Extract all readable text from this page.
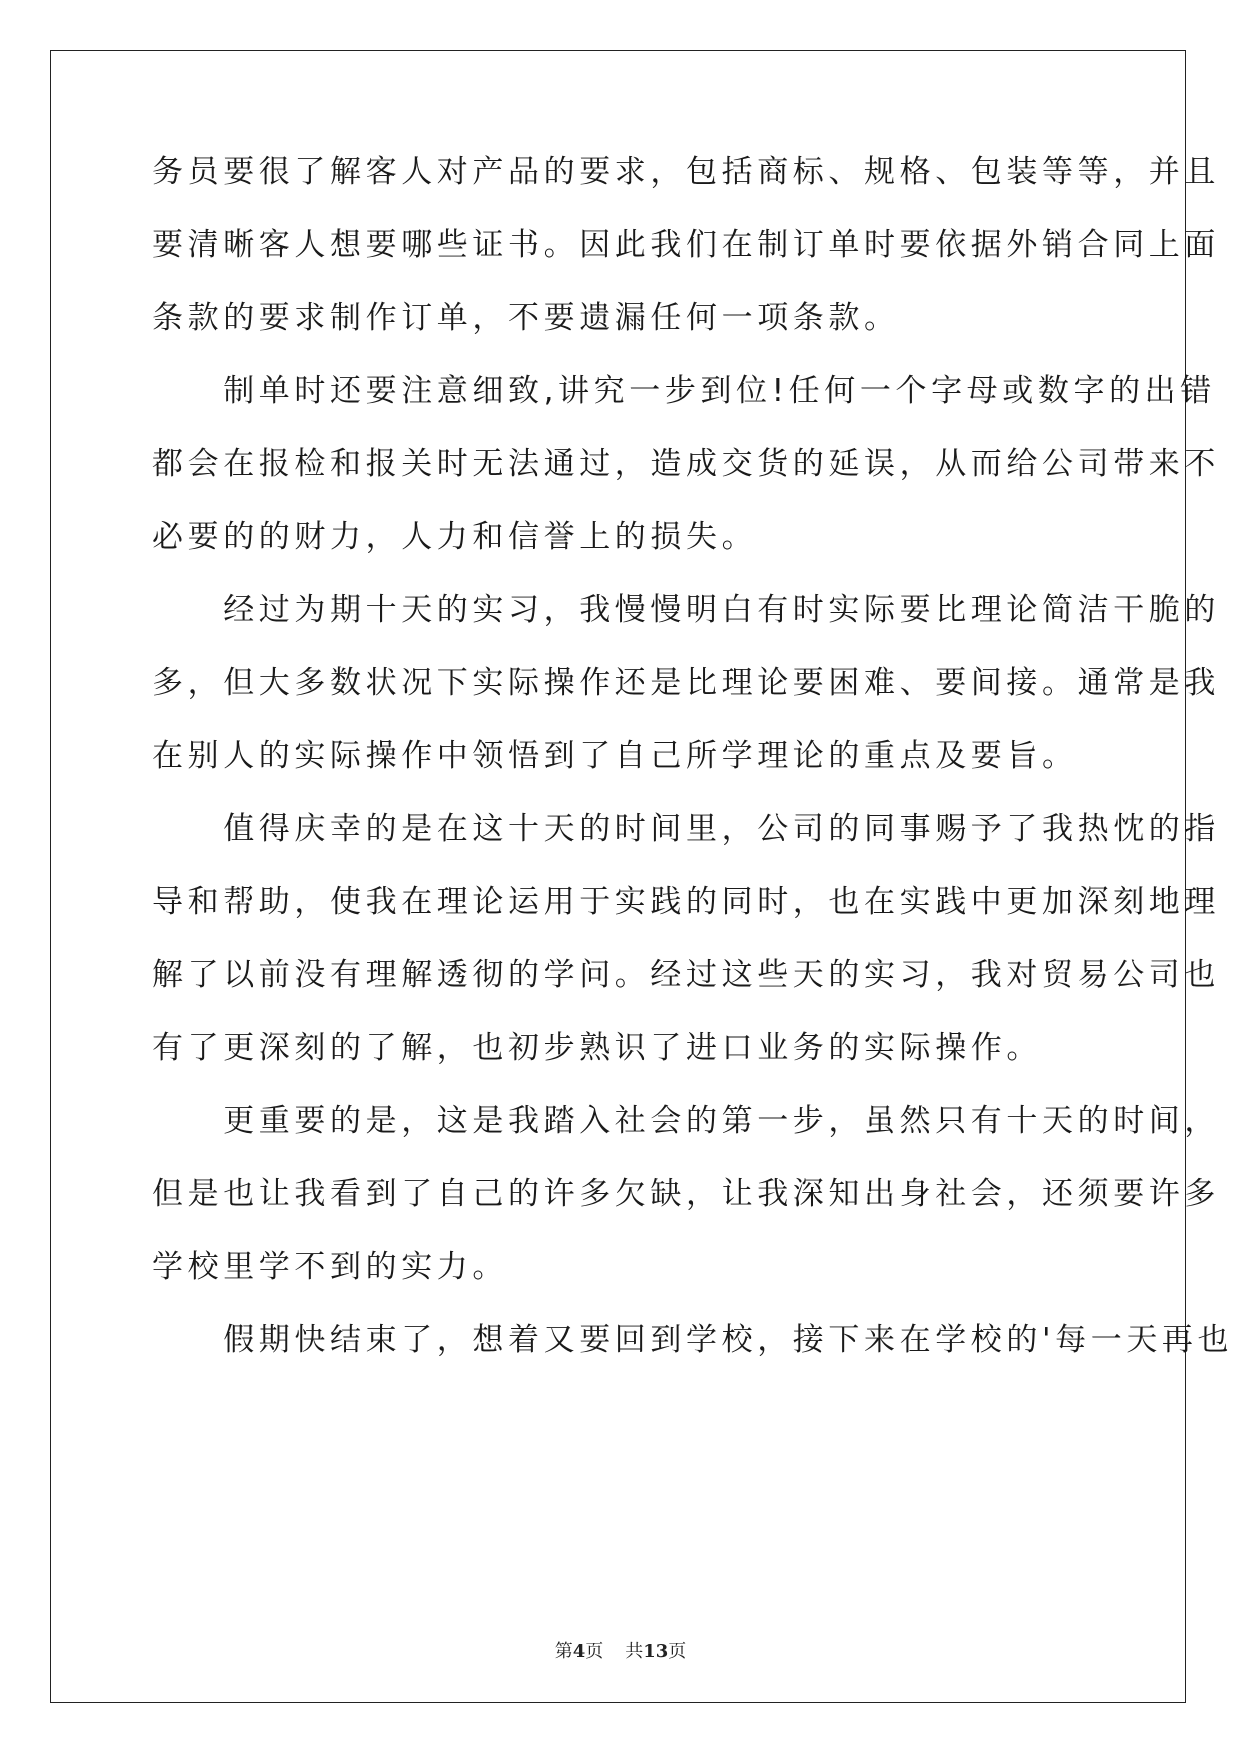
务员要很了解客人对产品的要求，包括商标、规格、包装等等，并且
要清晰客人想要哪些证书。因此我们在制订单时要依据外销合同上面
条款的要求制作订单，不要遗漏任何一项条款。
　　制单时还要注意细致,讲究一步到位!任何一个字母或数字的出错
都会在报检和报关时无法通过，造成交货的延误，从而给公司带来不
必要的的财力，人力和信誉上的损失。
　　经过为期十天的实习，我慢慢明白有时实际要比理论简洁干脆的
多，但大多数状况下实际操作还是比理论要困难、要间接。通常是我
在别人的实际操作中领悟到了自己所学理论的重点及要旨。
　　值得庆幸的是在这十天的时间里，公司的同事赐予了我热忱的指
导和帮助，使我在理论运用于实践的同时，也在实践中更加深刻地理
解了以前没有理解透彻的学问。经过这些天的实习，我对贸易公司也
有了更深刻的了解，也初步熟识了进口业务的实际操作。
　　更重要的是，这是我踏入社会的第一步，虽然只有十天的时间，
但是也让我看到了自己的许多欠缺，让我深知出身社会，还须要许多
学校里学不到的实力。
　　假期快结束了，想着又要回到学校，接下来在学校的'每一天再也
第4页 共13页
